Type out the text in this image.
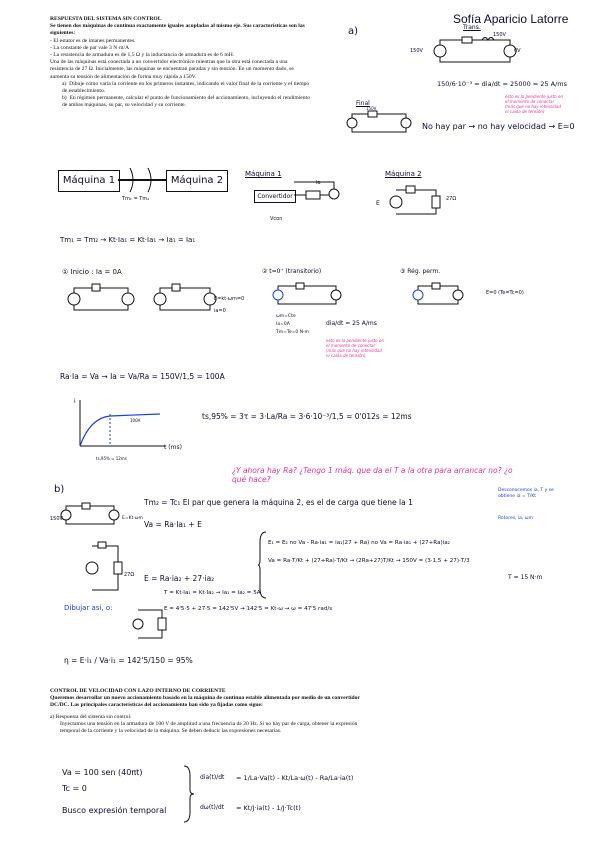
Sofía Aparicio Latorre
RESPUESTA DEL SISTEMA SIN CONTROL
Se tienen dos máquinas de continua exactamente iguales acopladas al mismo eje. Sus características son las siguientes:
- El estator es de imanes permanentes.
- La constante de par vale 3 N·m/A
- La resistencia de armadura es de 1,5 Ω y la inductancia de armadura es de 6 mH.
Una de las máquinas está conectada a un convertidor electrónico mientras que la otra está conectada a una resistencia de 27 Ω. Inicialmente, las máquinas se encuentran paradas y sin tensión. En un momento dado, se aumenta su tensión de alimentación de forma muy rápida a 150V.
a) Dibuje cómo varía la corriente en los primeros instantes, indicando el valor final de la corriente y el tiempo de establecimiento.
b) En régimen permanente, calcular el punto de funcionamiento del accionamiento, incluyendo el rendimiento de ambas máquinas, su par, su velocidad y su corriente.
a)	Trans.
150V	0V
150V
150/6·10⁻³ = dia/dt = 25000 = 25 A/ms
esto es la pendiente justo en el momento de conectar (más que no hay intensidad ni caída de tensión)
Final
150V
No hay par → no hay velocidad → E=0
Máquina 1	Máquina 2
Tm₁ = Tm₂
Máquina 1
Convertidor
Ia
Vcon
Máquina 2
27Ω
E
Tm₁ = Tm₂ → Kt·Ia₁ = Kt·Ia₁ → Ia₁ = Ia₁
① Inicio : Ia = 0A
E=kt·ωm=0
ia=0
② t=0⁺ (transitorio)
ωm=Cte
Ia=0A
Tm=Te=0 N·m
dia/dt = 25 A/ms
esto es la pendiente justo en el momento de conectar (más que no hay intensidad ni caída de tensión)
③ Rég. perm.
E=0 (Te=Tc=0)
Ra·Ia = Va → Ia = Va/Ra = 150V/1,5 = 100A
i
100A
t (ms)
ts,95% = 12ms
ts,95% = 3τ = 3·La/Ra = 3·6·10⁻³/1,5 = 0'012s = 12ms
¿Y ahora hay Ra? ¿Tengo 1 máq. que da el T a la otra para arrancar no? ¿o qué hace?
b)
150V	E=Kt·ωm
Tm₂ = Tc₁ El par que genera la máquina 2, es el de carga que tiene la 1
Desconocemos ia, T y se obtiene ia = T/Kt
Rotores, ia, ωm
Va = Ra·Ia₁ + E
E₁ = E₂ no Va - Ra·ia₁ = ia₁(27 + Ra) no Va = Ra·ia₁ + (27+Ra)ia₂
Va = Ra·T/Kt + (27+Ra)·T/Kt → (2Ra+27)T/Kt → 150V = (3·1,5 + 27)·T/3
T = 15 N·m
27Ω E = Ra·ia₂ + 27·ia₂
T = Kt·Ia₁ = Kt·Ia₂ → Ia₁ = Ia₂ = 5A
E = 4'5·5 + 27·5 = 142'5V → 142'5 = Kt·ω → ω = 47'5 rad/s
Dibujar así, o:
η = E·i₁ / Va·i₁ = 142'5/150 = 95%
CONTROL DE VELOCIDAD CON LAZO INTERNO DE CORRIENTE
Queremos desarrollar un nuevo accionamiento basado en la máquina de continua estable alimentada por medio de un convertidor DC/DC. Las principales características del accionamiento han sido ya fijadas como sigue:
a) Respuesta del sistema sin control.
Inyectamos una tensión en la armadura de 100 V de amplitud a una frecuencia de 20 Hz. Si no hay par de carga, obtener la expresión temporal de la corriente y la velocidad de la máquina. Se deben deducir las expresiones necesarias.
Va = 100 sen (40πt)
Tc = 0
Busco expresión temporal
dia(t)/dt = 1/La·Va(t) - Kt/La·ω(t) - Ra/La·ia(t)
dω(t)/dt = Kt/J·ia(t) - 1/J·Tc(t)
